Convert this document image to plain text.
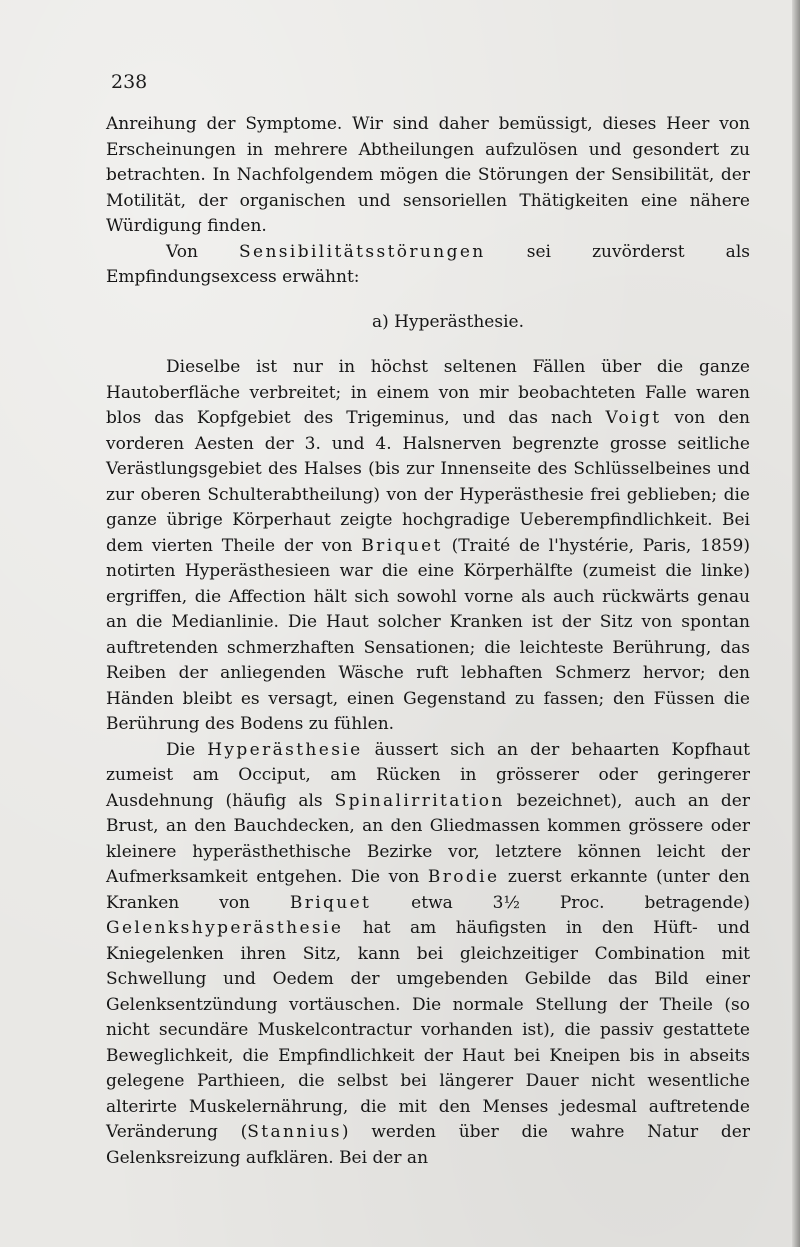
238

Anreihung der Symptome. Wir sind daher bemüssigt, dieses Heer von Erscheinungen in mehrere Abtheilungen aufzulösen und gesondert zu betrachten. In Nachfolgendem mögen die Störungen der Sensibilität, der Motilität, der organischen und sensoriellen Thätigkeiten eine nähere Würdigung finden.

Von Sensibilitätsstörungen sei zuvörderst als Empfindungsexcess erwähnt:

a) Hyperästhesie.

Dieselbe ist nur in höchst seltenen Fällen über die ganze Hautoberfläche verbreitet; in einem von mir beobachteten Falle waren blos das Kopfgebiet des Trigeminus, und das nach Voigt von den vorderen Aesten der 3. und 4. Halsnerven begrenzte grosse seitliche Verästlungsgebiet des Halses (bis zur Innenseite des Schlüsselbeines und zur oberen Schulterabtheilung) von der Hyperästhesie frei geblieben; die ganze übrige Körperhaut zeigte hochgradige Ueberempfindlichkeit. Bei dem vierten Theile der von Briquet (Traité de l'hystérie, Paris, 1859) notirten Hyperästhesieen war die eine Körperhälfte (zumeist die linke) ergriffen, die Affection hält sich sowohl vorne als auch rückwärts genau an die Medianlinie. Die Haut solcher Kranken ist der Sitz von spontan auftretenden schmerzhaften Sensationen; die leichteste Berührung, das Reiben der anliegenden Wäsche ruft lebhaften Schmerz hervor; den Händen bleibt es versagt, einen Gegenstand zu fassen; den Füssen die Berührung des Bodens zu fühlen.

Die Hyperästhesie äussert sich an der behaarten Kopfhaut zumeist am Occiput, am Rücken in grösserer oder geringerer Ausdehnung (häufig als Spinalirritation bezeichnet), auch an der Brust, an den Bauchdecken, an den Gliedmassen kommen grössere oder kleinere hyperästhethische Bezirke vor, letztere können leicht der Aufmerksamkeit entgehen. Die von Brodie zuerst erkannte (unter den Kranken von Briquet etwa 3½ Proc. betragende) Gelenkshyperästhesie hat am häufigsten in den Hüft- und Kniegelenken ihren Sitz, kann bei gleichzeitiger Combination mit Schwellung und Oedem der umgebenden Gebilde das Bild einer Gelenksentzündung vortäuschen. Die normale Stellung der Theile (so nicht secundäre Muskelcontractur vorhanden ist), die passiv gestattete Beweglichkeit, die Empfindlichkeit der Haut bei Kneipen bis in abseits gelegene Parthieen, die selbst bei längerer Dauer nicht wesentliche alterirte Muskelernährung, die mit den Menses jedesmal auftretende Veränderung (Stannius) werden über die wahre Natur der Gelenksreizung aufklären. Bei der an
